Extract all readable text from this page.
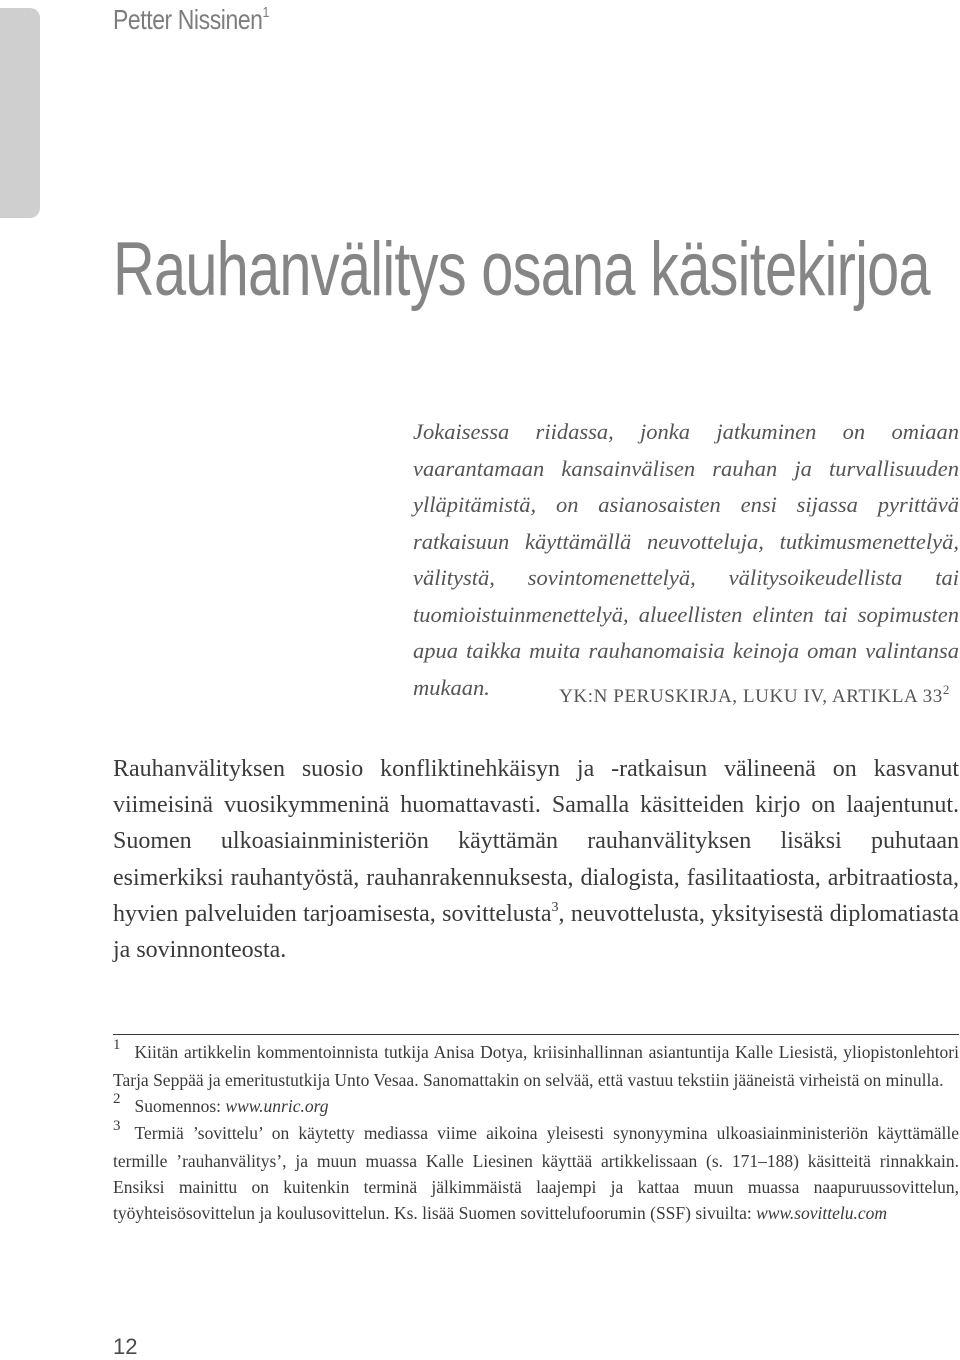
Petter Nissinen$^1$
Rauhanvälitys osana käsitekirjoa

Jokaisessa riidassa, jonka jatkuminen on omiaan vaarantamaan kansainvälisen rauhan ja turvallisuuden ylläpitämistä, on asianosaisten ensi sijassa pyrittävä ratkaisuun käyttämällä neuvotteluja, tutkimusmenettelyä, välitystä, sovintomenettelyä, välitysoikeudellista tai tuomioistuinmenettelyä, alueellisten elinten tai sopimusten apua taikka muita rauhanomaisia keinoja oman valintansa mukaan.	YK:N PERUSKIRJA, LUKU IV, ARTIKLA $33^2$

Rauhanvälityksen suosio konfliktinehkäisyn ja -ratkaisun välineenä on kasvanut viimeisinä vuosikymmeninä huomattavasti. Samalla käsitteiden kirjo on laajentunut. Suomen ulkoasiainministeriön käyttämän rauhanvälityksen lisäksi puhutaan esimerkiksi rauhantyöstä, rauhanrakennuksesta, dialogista, fasilitaatiosta, arbitraatiosta, hyvien palveluiden tarjoamisesta, sovittelusta$^3$, neuvottelusta, yksityisestä diplomatiasta ja sovinnonteosta.

1 Kiitän artikkelin kommentoinnista tutkija Anisa Dotya, kriisinhallinnan asiantuntija Kalle Liesistä, yliopistonlehtori Tarja Seppää ja emeritustutkija Unto Vesaa. Sanomattakin on selvää, että vastuu tekstiin jääneistä virheistä on minulla.

2 Suomennos: www.unric.org

3 Termiä ’sovittelu’ on käytetty mediassa viime aikoina yleisesti synonyymina ulkoasiainministeriön käyttämälle termille ’rauhanvälitys’, ja muun muassa Kalle Liesinen käyttää artikkelissaan (s. 171–188) käsitteitä rinnakkain. Ensiksi mainittu on kuitenkin terminä jälkimmäistä laajempi ja kattaa muun muassa naapuruussovittelun, työyhteisösovittelun ja koulusovittelun. Ks. lisää Suomen sovittelufoorumin (SSF) sivuilta: www.sovittelu.com

12
